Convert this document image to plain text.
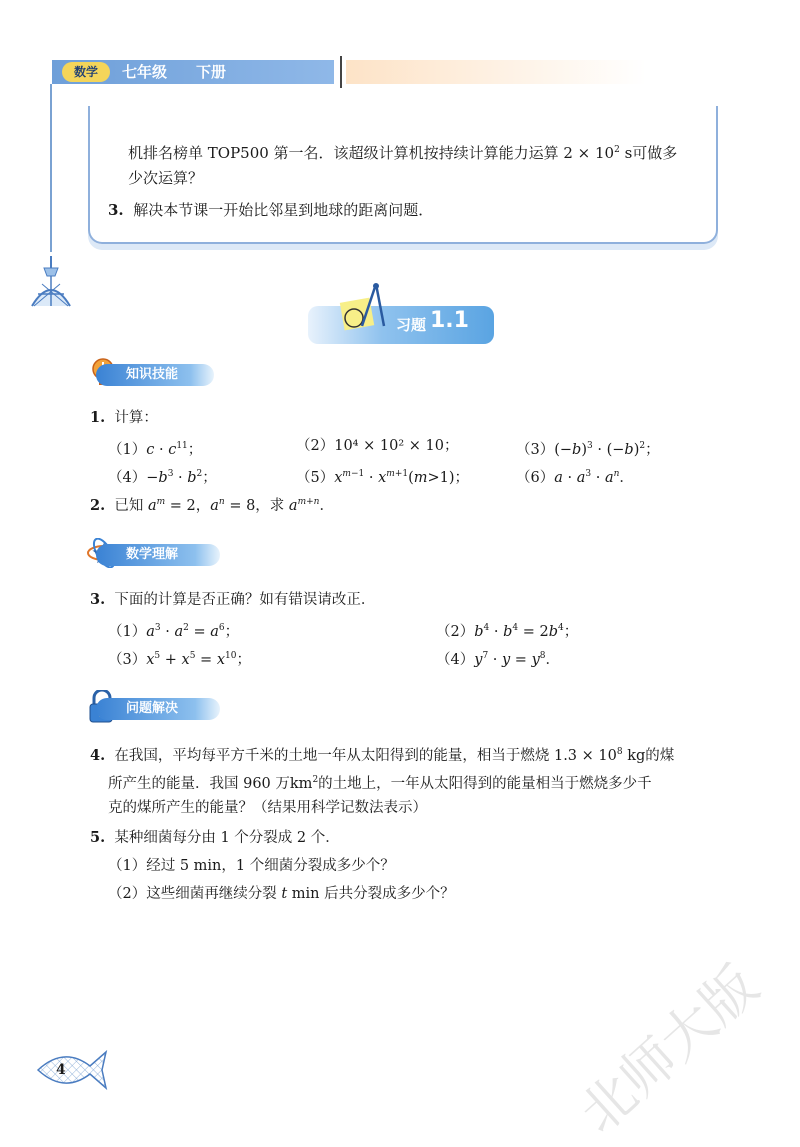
数学	七年级 下册
机排名榜单 TOP500 第一名．该超级计算机按持续计算能力运算 $2 \times 10^2$ s可做多
少次运算？
3. 解决本节课一开始比邻星到地球的距离问题．
习题 1.1
知识技能
1. 计算：
$(1)c \cdot c^{11}$；	（2）10⁴ × 10² × 10；	$(3)(-b)^3 \cdot (-b)^2$；
$(4)-b^3 \cdot b^2$；	$(5)x^{m-1} \cdot x^{m+1}(m>1)$；	$(6)a \cdot a^3 \cdot a^n$．
2. 已知 $a^m = 2$，$a^n = 8$，求 $a^{m+n}$．
数学理解
3. 下面的计算是否正确？如有错误请改正．
$(1)a^3 \cdot a^2 = a^6$；	$(2)b^4 \cdot b^4 = 2b^4$；
$(3)x^5 + x^5 = x^{10}$；	$(4)y^7 \cdot y = y^8$．
问题解决
4. 在我国，平均每平方千米的土地一年从太阳得到的能量，相当于燃烧 $1.3 \times 10^8$ kg的煤
所产生的能量．我国 960 万$km^2$的土地上，一年从太阳得到的能量相当于燃烧多少千
克的煤所产生的能量？（结果用科学记数法表示）
5. 某种细菌每分由 1 个分裂成 2 个．
（1）经过 5 min，1 个细菌分裂成多少个？
（2）这些细菌再继续分裂 t min 后共分裂成多少个？
北师大版
4
